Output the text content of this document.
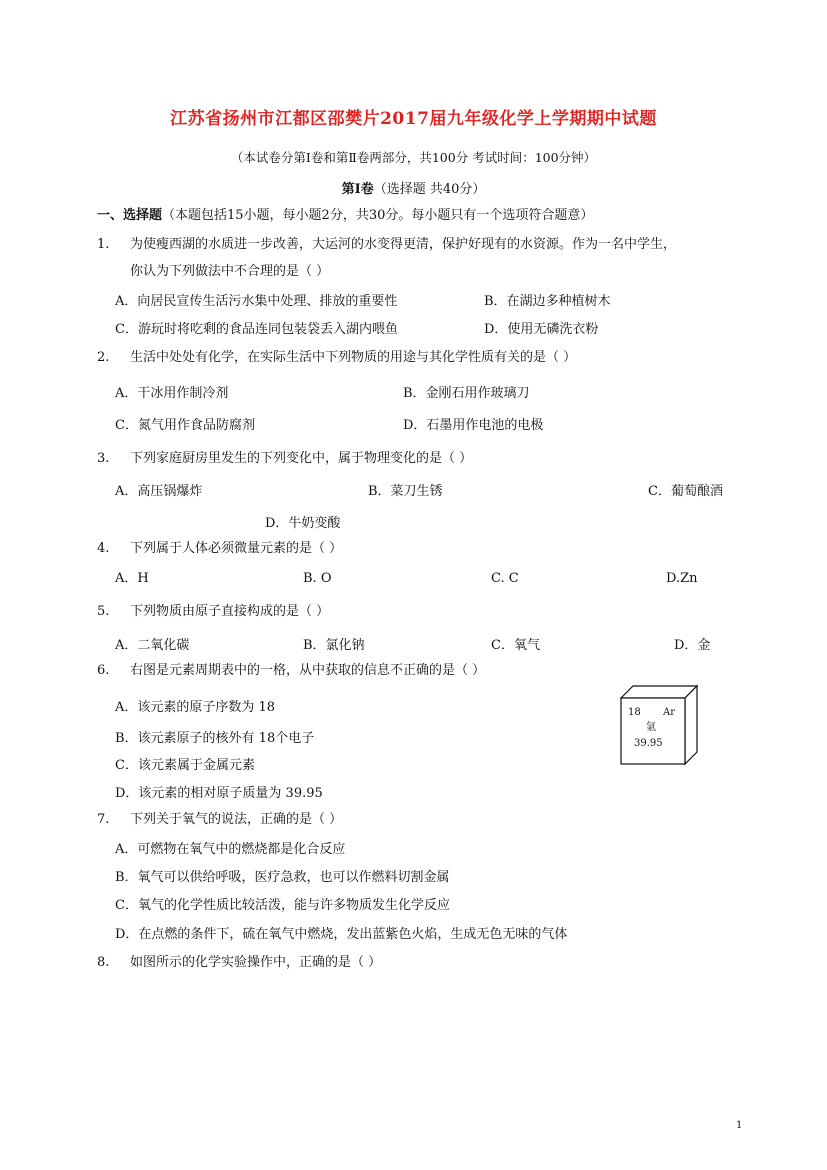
江苏省扬州市江都区邵樊片2017届九年级化学上学期期中试题
（本试卷分第Ⅰ卷和第Ⅱ卷两部分，共100分 考试时间：100分钟）
第Ⅰ卷（选择题 共40分）
一、选择题（本题包括15小题，每小题2分，共30分。每小题只有一个选项符合题意）
1. 为使瘦西湖的水质进一步改善，大运河的水变得更清，保护好现有的水资源。作为一名中学生，
你认为下列做法中不合理的是（ ）
A．向居民宣传生活污水集中处理、排放的重要性	B．在湖边多种植树木
C．游玩时将吃剩的食品连同包装袋丢入湖内喂鱼	D．使用无磷洗衣粉
2. 生活中处处有化学，在实际生活中下列物质的用途与其化学性质有关的是（ ）
A．干冰用作制冷剂	B．金刚石用作玻璃刀
C．氮气用作食品防腐剂	D．石墨用作电池的电极
3. 下列家庭厨房里发生的下列变化中，属于物理变化的是（ ）
A．高压锅爆炸	B．菜刀生锈	C．葡萄酿酒
D．牛奶变酸
4. 下列属于人体必须微量元素的是（ ）
A．H	B. O	C. C	D.Zn
5. 下列物质由原子直接构成的是（ ）
A．二氧化碳	B．氯化钠	C．氧气	D．金
6. 右图是元素周期表中的一格，从中获取的信息不正确的是（ ）
A．该元素的原子序数为 18
B．该元素原子的核外有 18个电子
C．该元素属于金属元素
D．该元素的相对原子质量为 39.95
18 Ar
氩
39.95
7. 下列关于氧气的说法，正确的是（ ）
A．可燃物在氧气中的燃烧都是化合反应
B．氧气可以供给呼吸，医疗急救，也可以作燃料切割金属
C．氧气的化学性质比较活泼，能与许多物质发生化学反应
D．在点燃的条件下，硫在氧气中燃烧，发出蓝紫色火焰，生成无色无味的气体
8. 如图所示的化学实验操作中，正确的是（ ）
1
